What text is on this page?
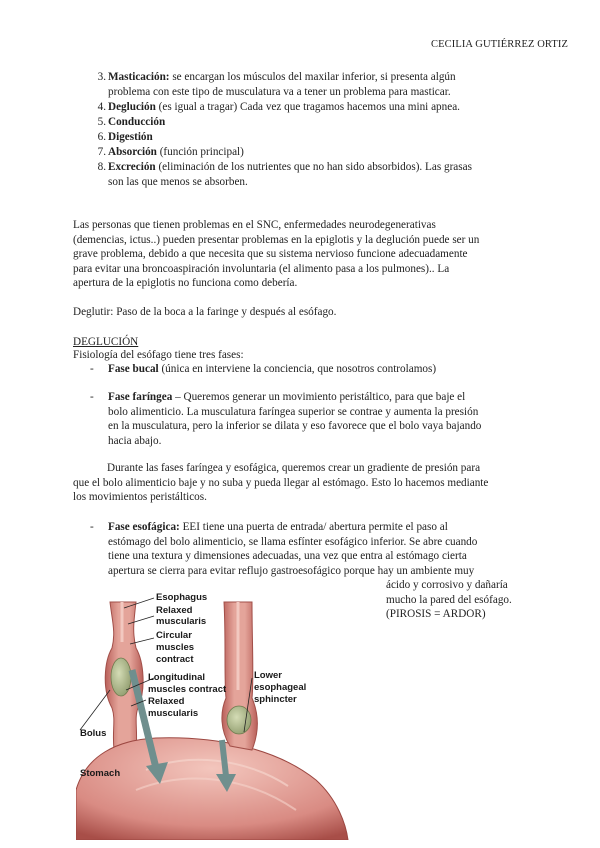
CECILIA GUTIÉRREZ ORTIZ
3. Masticación: se encargan los músculos del maxilar inferior, si presenta algún
problema con este tipo de musculatura va a tener un problema para masticar.
4. Deglución (es igual a tragar) Cada vez que tragamos hacemos una mini apnea.
5. Conducción
6. Digestión
7. Absorción (función principal)
8. Excreción (eliminación de los nutrientes que no han sido absorbidos). Las grasas
son las que menos se absorben.
Las personas que tienen problemas en el SNC, enfermedades neurodegenerativas
(demencias, ictus..) pueden presentar problemas en la epiglotis y la deglución puede ser un
grave problema, debido a que necesita que su sistema nervioso funcione adecuadamente
para evitar una broncoaspiración involuntaria (el alimento pasa a los pulmones).. La
apertura de la epiglotis no funciona como debería.
Deglutir: Paso de la boca a la faringe y después al esófago.
DEGLUCIÓN
Fisiología del esófago tiene tres fases:
- Fase bucal (única en interviene la conciencia, que nosotros controlamos)
- Fase faríngea – Queremos generar un movimiento peristáltico, para que baje el
bolo alimenticio. La musculatura faríngea superior se contrae y aumenta la presión
en la musculatura, pero la inferior se dilata y eso favorece que el bolo vaya bajando
hacia abajo.
Durante las fases faríngea y esofágica, queremos crear un gradiente de presión para
que el bolo alimenticio baje y no suba y pueda llegar al estómago. Esto lo hacemos mediante
los movimientos peristálticos.
- Fase esofágica: EEI tiene una puerta de entrada/ abertura permite el paso al
estómago del bolo alimenticio, se llama esfínter esofágico inferior. Se abre cuando
tiene una textura y dimensiones adecuadas, una vez que entra al estómago cierta
apertura se cierra para evitar reflujo gastroesofágico porque hay un ambiente muy
ácido y corrosivo y dañaría
mucho la pared del esófago.
(PIROSIS = ARDOR)
Esophagus
Relaxed
muscularis
Circular
muscles
contract
Longitudinal
muscles contract
Relaxed
muscularis
Bolus
Stomach
Lower
esophageal
sphincter
